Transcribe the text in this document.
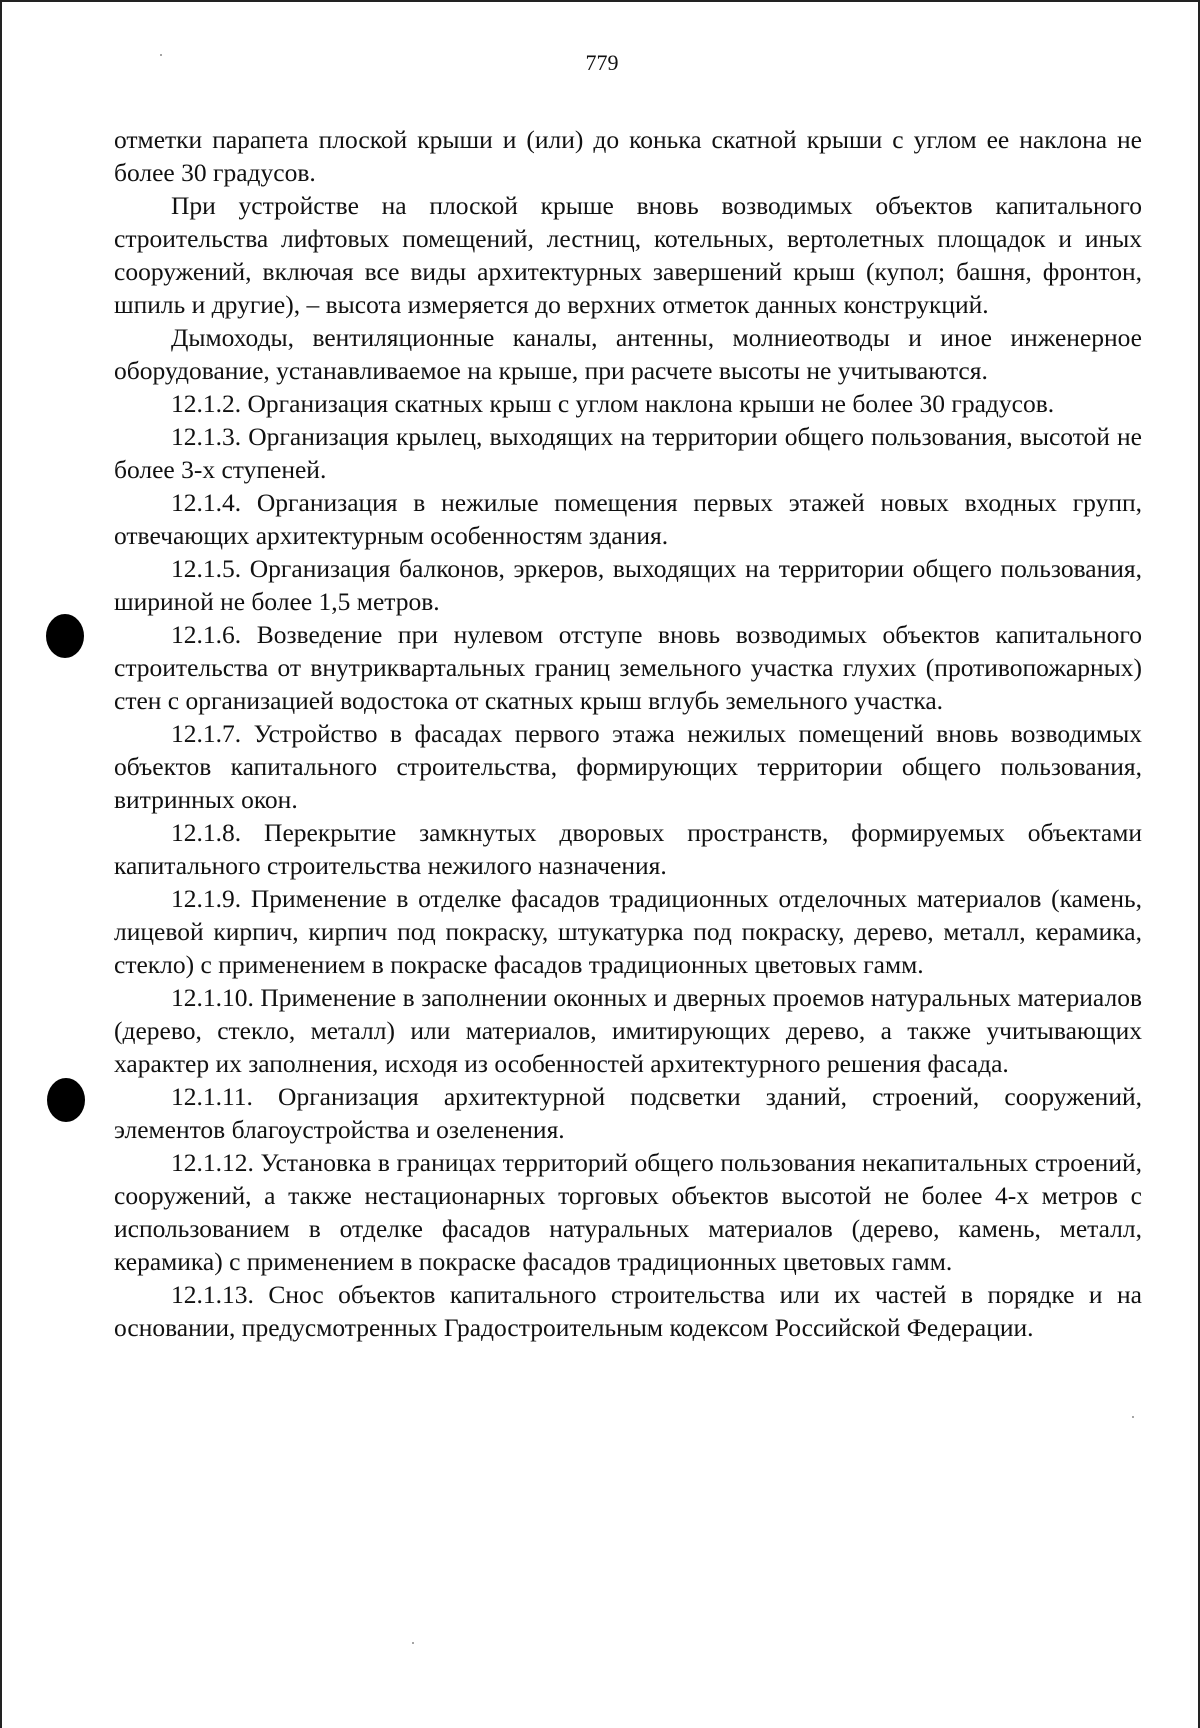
779

отметки парапета плоской крыши и (или) до конька скатной крыши с углом ее наклона не более 30 градусов.

При устройстве на плоской крыше вновь возводимых объектов капитального строительства лифтовых помещений, лестниц, котельных, вертолетных площадок и иных сооружений, включая все виды архитектурных завершений крыш (купол; башня, фронтон, шпиль и другие), – высота измеряется до верхних отметок данных конструкций.

Дымоходы, вентиляционные каналы, антенны, молниеотводы и иное инженерное оборудование, устанавливаемое на крыше, при расчете высоты не учитываются.

12.1.2. Организация скатных крыш с углом наклона крыши не более 30 градусов.

12.1.3. Организация крылец, выходящих на территории общего пользования, высотой не более 3-х ступеней.

12.1.4. Организация в нежилые помещения первых этажей новых входных групп, отвечающих архитектурным особенностям здания.

12.1.5. Организация балконов, эркеров, выходящих на территории общего пользования, шириной не более 1,5 метров.

12.1.6. Возведение при нулевом отступе вновь возводимых объектов капитального строительства от внутриквартальных границ земельного участка глухих (противопожарных) стен с организацией водостока от скатных крыш вглубь земельного участка.

12.1.7. Устройство в фасадах первого этажа нежилых помещений вновь возводимых объектов капитального строительства, формирующих территории общего пользования, витринных окон.

12.1.8. Перекрытие замкнутых дворовых пространств, формируемых объектами капитального строительства нежилого назначения.

12.1.9. Применение в отделке фасадов традиционных отделочных материалов (камень, лицевой кирпич, кирпич под покраску, штукатурка под покраску, дерево, металл, керамика, стекло) с применением в покраске фасадов традиционных цветовых гамм.

12.1.10. Применение в заполнении оконных и дверных проемов натуральных материалов (дерево, стекло, металл) или материалов, имитирующих дерево, а также учитывающих характер их заполнения, исходя из особенностей архитектурного решения фасада.

12.1.11. Организация архитектурной подсветки зданий, строений, сооружений, элементов благоустройства и озеленения.

12.1.12. Установка в границах территорий общего пользования некапитальных строений, сооружений, а также нестационарных торговых объектов высотой не более 4-х метров с использованием в отделке фасадов натуральных материалов (дерево, камень, металл, керамика) с применением в покраске фасадов традиционных цветовых гамм.

12.1.13. Снос объектов капитального строительства или их частей в порядке и на основании, предусмотренных Градостроительным кодексом Российской Федерации.
